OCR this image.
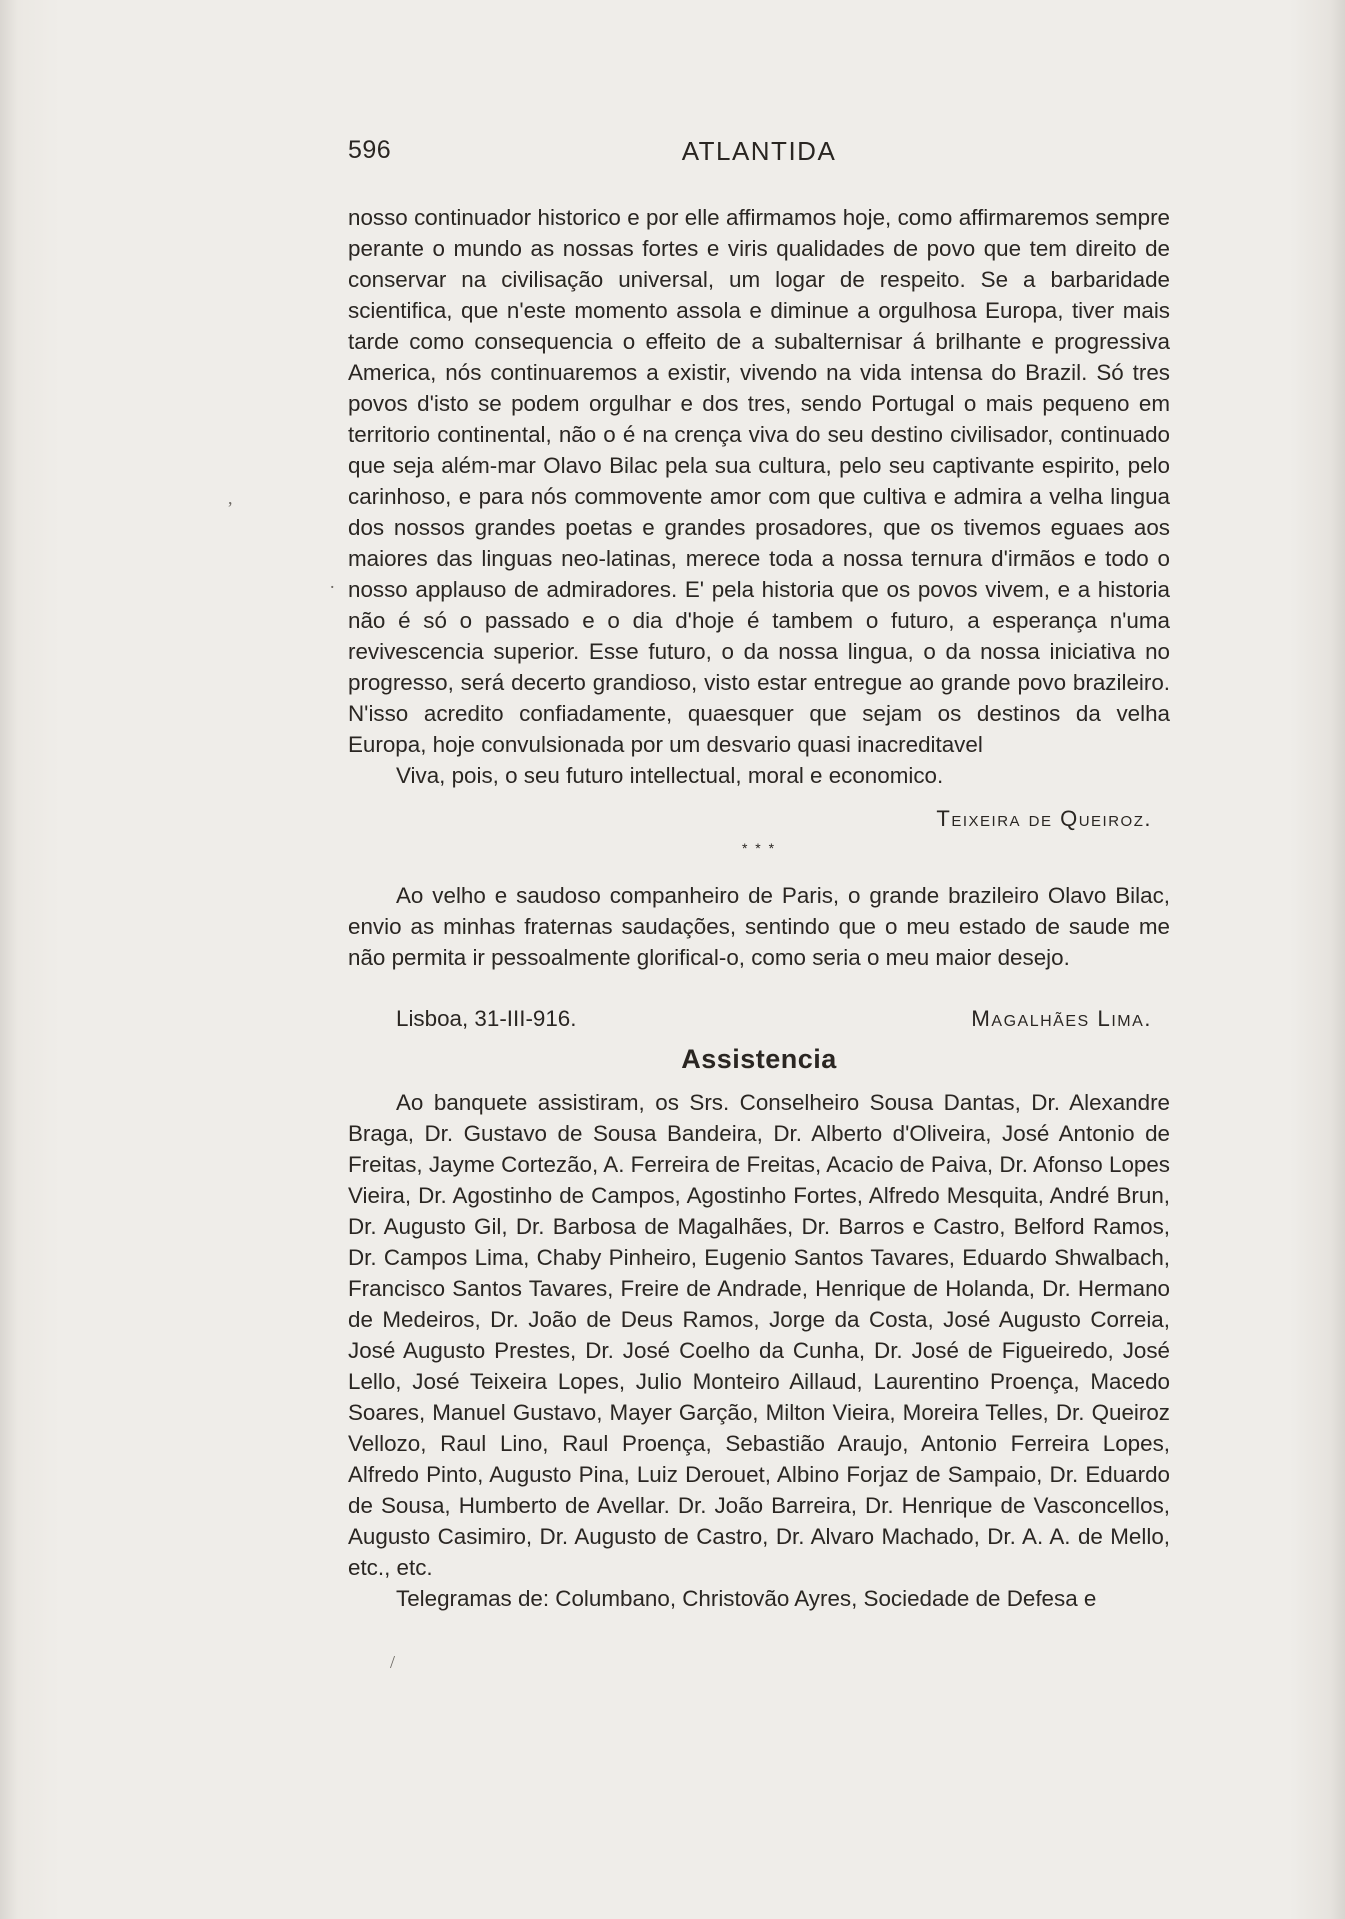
596	ATLANTIDA

nosso continuador historico e por elle affirmamos hoje, como affirmaremos sempre perante o mundo as nossas fortes e viris qualidades de povo que tem direito de conservar na civilisação universal, um logar de respeito. Se a barbaridade scientifica, que n'este momento assola e diminue a orgulhosa Europa, tiver mais tarde como consequencia o effeito de a subalternisar á brilhante e progressiva America, nós continuaremos a existir, vivendo na vida intensa do Brazil. Só tres povos d'isto se podem orgulhar e dos tres, sendo Portugal o mais pequeno em territorio continental, não o é na crença viva do seu destino civilisador, continuado que seja além-mar Olavo Bilac pela sua cultura, pelo seu captivante espirito, pelo carinhoso, e para nós commovente amor com que cultiva e admira a velha lingua dos nossos grandes poetas e grandes prosadores, que os tivemos eguaes aos maiores das linguas neo-latinas, merece toda a nossa ternura d'irmãos e todo o nosso applauso de admiradores. E' pela historia que os povos vivem, e a historia não é só o passado e o dia d'hoje é tambem o futuro, a esperança n'uma revivescencia superior. Esse futuro, o da nossa lingua, o da nossa iniciativa no progresso, será decerto grandioso, visto estar entregue ao grande povo brazileiro. N'isso acredito confiadamente, quaesquer que sejam os destinos da velha Europa, hoje convulsionada por um desvario quasi inacreditavel

Viva, pois, o seu futuro intellectual, moral e economico.

Teixeira de Queiroz.
* * *

Ao velho e saudoso companheiro de Paris, o grande brazileiro Olavo Bilac, envio as minhas fraternas saudações, sentindo que o meu estado de saude me não permita ir pessoalmente glorifical-o, como seria o meu maior desejo.

Lisboa, 31-III-916.	Magalhães Lima.
Assistencia

Ao banquete assistiram, os Srs. Conselheiro Sousa Dantas, Dr. Alexandre Braga, Dr. Gustavo de Sousa Bandeira, Dr. Alberto d'Oliveira, José Antonio de Freitas, Jayme Cortezão, A. Ferreira de Freitas, Acacio de Paiva, Dr. Afonso Lopes Vieira, Dr. Agostinho de Campos, Agostinho Fortes, Alfredo Mesquita, André Brun, Dr. Augusto Gil, Dr. Barbosa de Magalhães, Dr. Barros e Castro, Belford Ramos, Dr. Campos Lima, Chaby Pinheiro, Eugenio Santos Tavares, Eduardo Shwalbach, Francisco Santos Tavares, Freire de Andrade, Henrique de Holanda, Dr. Hermano de Medeiros, Dr. João de Deus Ramos, Jorge da Costa, José Augusto Correia, José Augusto Prestes, Dr. José Coelho da Cunha, Dr. José de Figueiredo, José Lello, José Teixeira Lopes, Julio Monteiro Aillaud, Laurentino Proença, Macedo Soares, Manuel Gustavo, Mayer Garção, Milton Vieira, Moreira Telles, Dr. Queiroz Vellozo, Raul Lino, Raul Proença, Sebastião Araujo, Antonio Ferreira Lopes, Alfredo Pinto, Augusto Pina, Luiz Derouet, Albino Forjaz de Sampaio, Dr. Eduardo de Sousa, Humberto de Avellar. Dr. João Barreira, Dr. Henrique de Vasconcellos, Augusto Casimiro, Dr. Augusto de Castro, Dr. Alvaro Machado, Dr. A. A. de Mello, etc., etc.

Telegramas de: Columbano, Christovão Ayres, Sociedade de Defesa e

,
.
/
